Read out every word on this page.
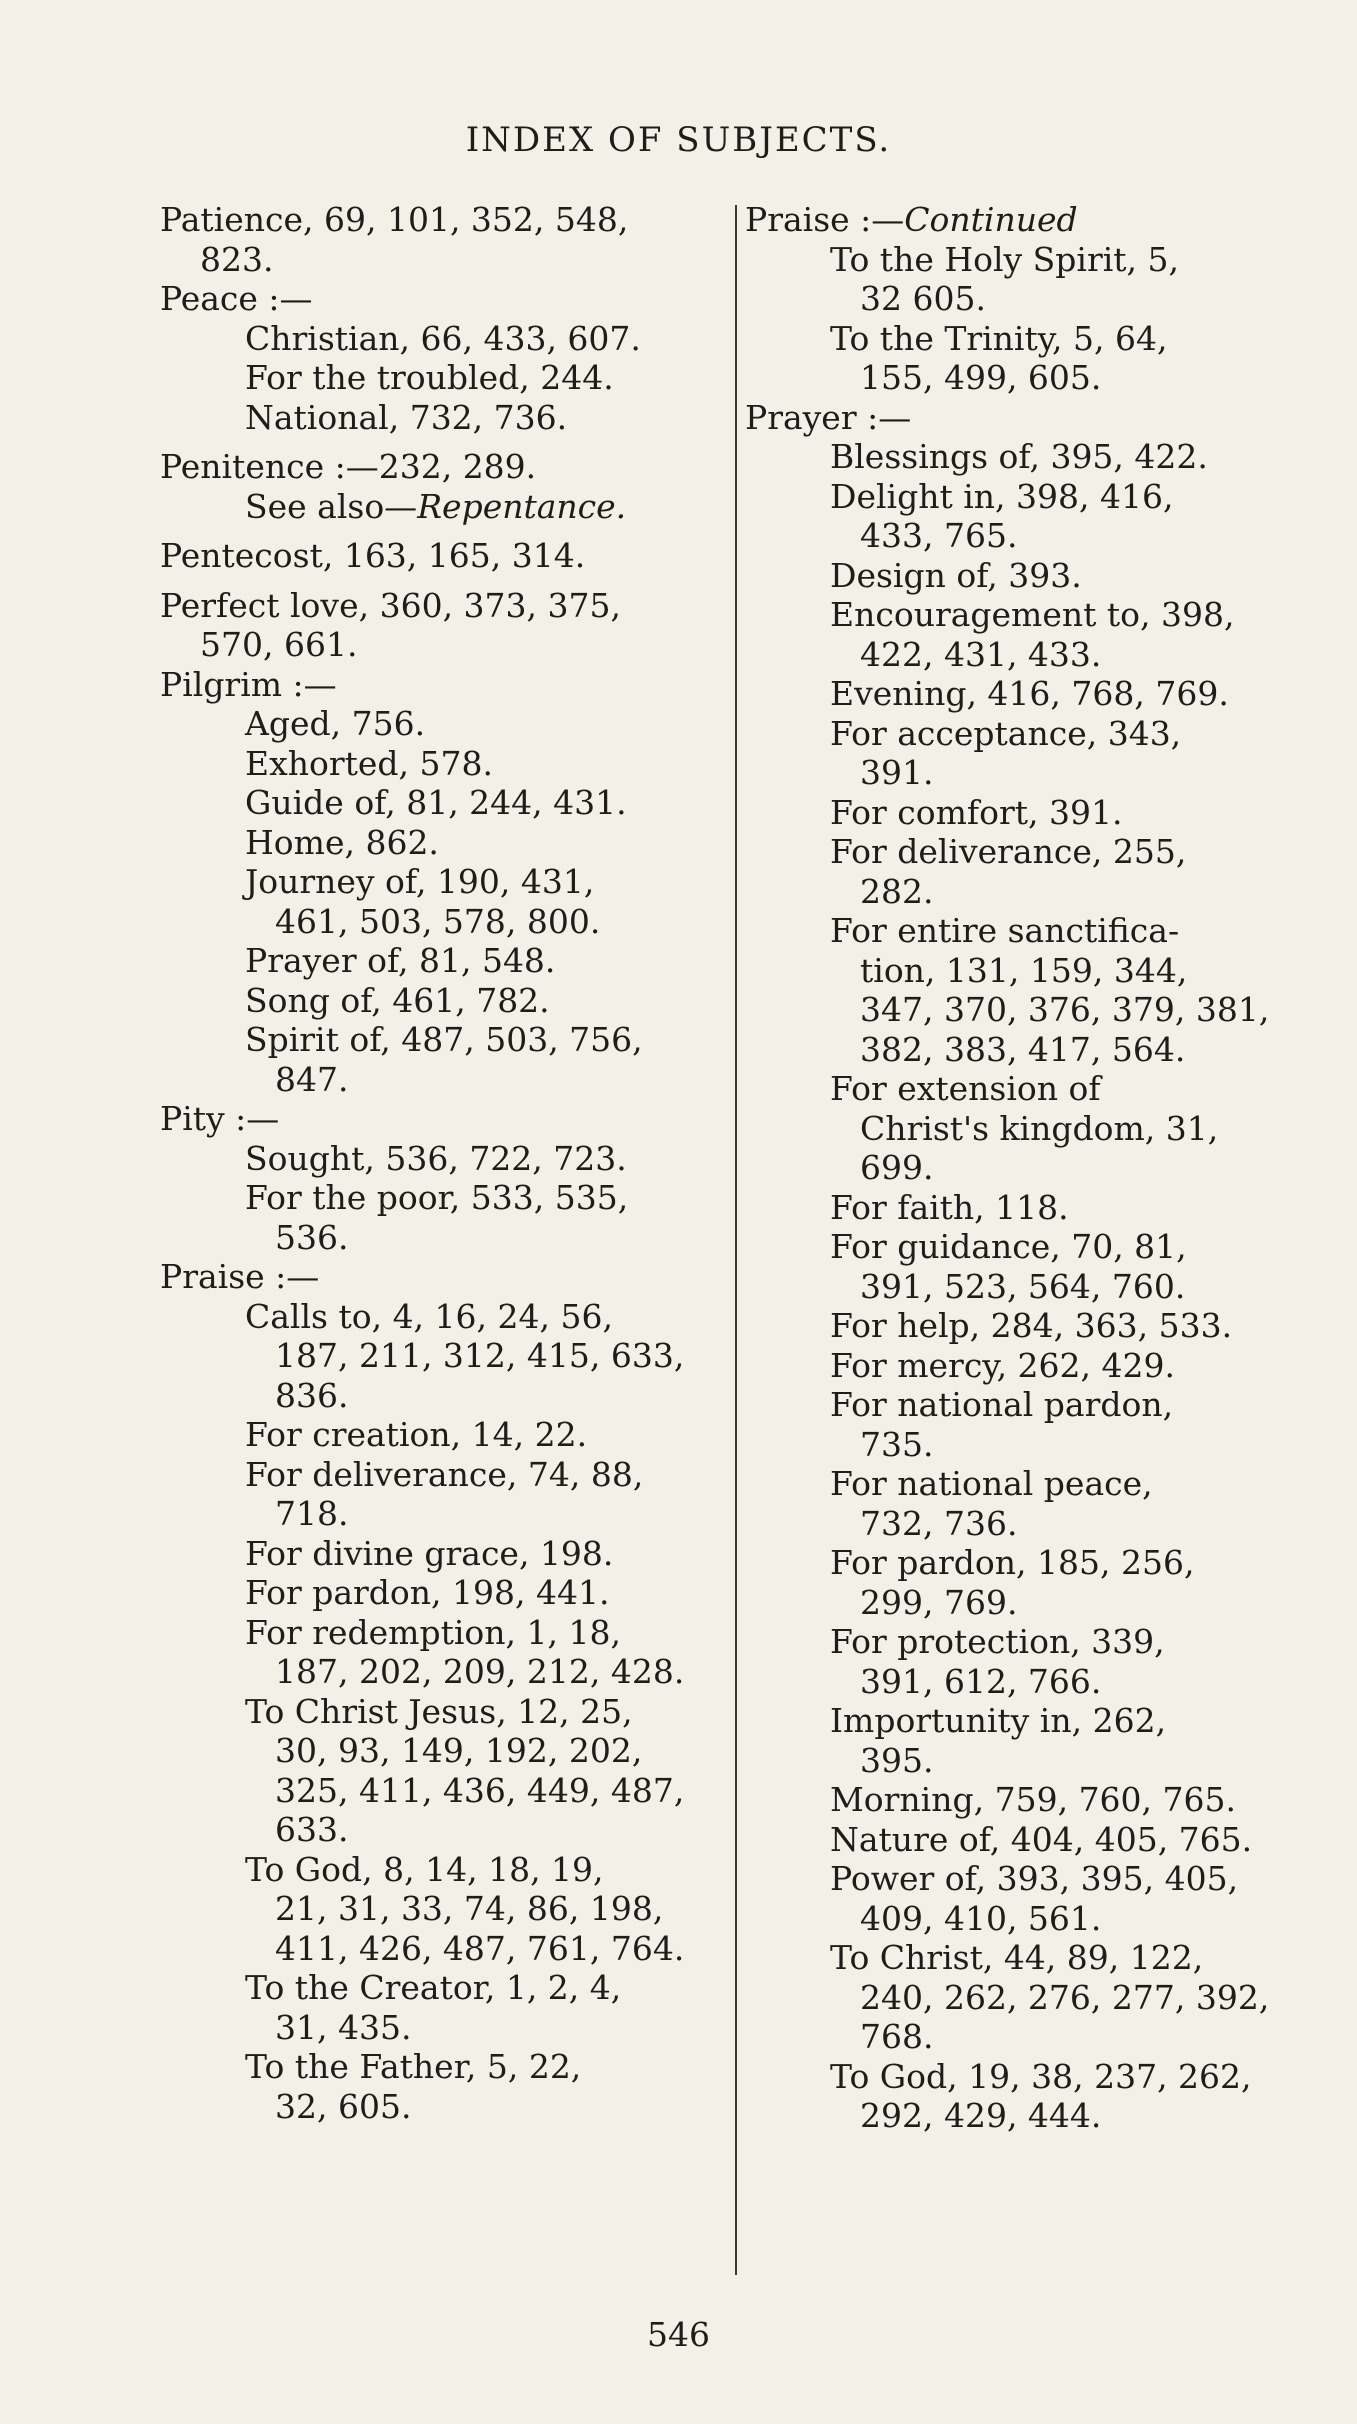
INDEX OF SUBJECTS.
Patience, 69, 101, 352, 548,
823.
Peace :—
Christian, 66, 433, 607.
For the troubled, 244.
National, 732, 736.
Penitence :—232, 289.
See also—Repentance.
Pentecost, 163, 165, 314.
Perfect love, 360, 373, 375,
570, 661.
Pilgrim :—
Aged, 756.
Exhorted, 578.
Guide of, 81, 244, 431.
Home, 862.
Journey of, 190, 431,
461, 503, 578, 800.
Prayer of, 81, 548.
Song of, 461, 782.
Spirit of, 487, 503, 756,
847.
Pity :—
Sought, 536, 722, 723.
For the poor, 533, 535,
536.
Praise :—
Calls to, 4, 16, 24, 56,
187, 211, 312, 415, 633,
836.
For creation, 14, 22.
For deliverance, 74, 88,
718.
For divine grace, 198.
For pardon, 198, 441.
For redemption, 1, 18,
187, 202, 209, 212, 428.
To Christ Jesus, 12, 25,
30, 93, 149, 192, 202,
325, 411, 436, 449, 487,
633.
To God, 8, 14, 18, 19,
21, 31, 33, 74, 86, 198,
411, 426, 487, 761, 764.
To the Creator, 1, 2, 4,
31, 435.
To the Father, 5, 22,
32, 605.
Praise :—Continued
To the Holy Spirit, 5,
32 605.
To the Trinity, 5, 64,
155, 499, 605.
Prayer :—
Blessings of, 395, 422.
Delight in, 398, 416,
433, 765.
Design of, 393.
Encouragement to, 398,
422, 431, 433.
Evening, 416, 768, 769.
For acceptance, 343,
391.
For comfort, 391.
For deliverance, 255,
282.
For entire sanctifica-
tion, 131, 159, 344,
347, 370, 376, 379, 381,
382, 383, 417, 564.
For extension of
Christ's kingdom, 31,
699.
For faith, 118.
For guidance, 70, 81,
391, 523, 564, 760.
For help, 284, 363, 533.
For mercy, 262, 429.
For national pardon,
735.
For national peace,
732, 736.
For pardon, 185, 256,
299, 769.
For protection, 339,
391, 612, 766.
Importunity in, 262,
395.
Morning, 759, 760, 765.
Nature of, 404, 405, 765.
Power of, 393, 395, 405,
409, 410, 561.
To Christ, 44, 89, 122,
240, 262, 276, 277, 392,
768.
To God, 19, 38, 237, 262,
292, 429, 444.
546
